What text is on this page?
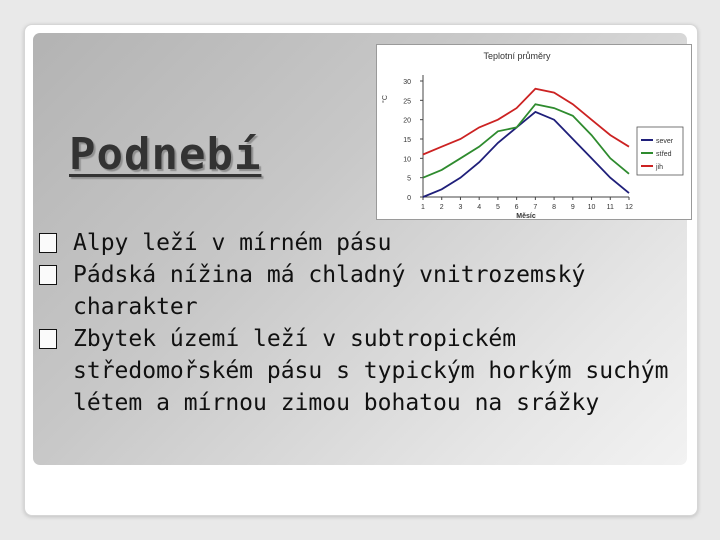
Podnebí
Teplotní průměry
0
5
10
15
20
25
30
°C
1 2 3 4 5 6 7 8 9 10 11 12
Měsíc
sever
střed
jih
Alpy leží v mírném pásu
Pádská nížina má chladný vnitrozemský charakter
Zbytek území leží v subtropickém středomořském pásu s typickým horkým suchým létem a mírnou zimou bohatou na srážky
